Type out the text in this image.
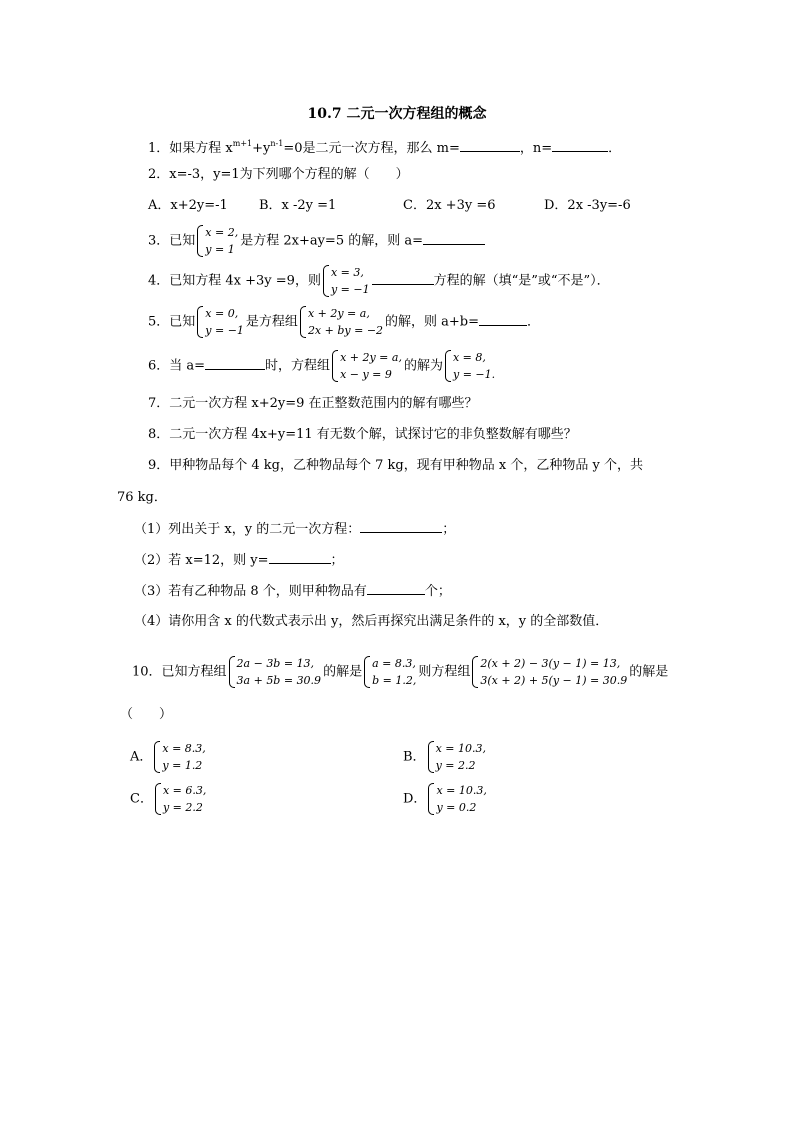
10.7 二元一次方程组的概念
1．如果方程 $x^{m+1}+y^{n-1}=0$是二元一次方程，那么 m=	，n=	．
2．x=-3，y=1为下列哪个方程的解（　　）
A．x+2y=-1 B．x -2y =1	C．2x +3y =6	D．2x -3y=-6
3．已知
x = 2,
y = 1
是方程 2x+ay=5 的解，则 a=
4．已知方程 4x +3y =9，则
x = 3,
y = −1
方程的解（填“是”或“不是”）．
5．已知
x = 0,
y = −1
是方程组
x + 2y = a,
2x + by = −2
的解，则 a+b=	．
6．当 a=	时，方程组
x + 2y = a,
x − y = 9
的解为
x = 8,
y = −1.
7．二元一次方程 x+2y=9 在正整数范围内的解有哪些？
8．二元一次方程 4x+y=11 有无数个解，试探讨它的非负整数解有哪些？
9．甲种物品每个 4 kg，乙种物品每个 7 kg，现有甲种物品 x 个，乙种物品 y 个，共
76 kg．
（1）列出关于 x，y 的二元一次方程：	；
（2）若 x=12，则 y=	；
（3）若有乙种物品 8 个，则甲种物品有	个；
（4）请你用含 x 的代数式表示出 y，然后再探究出满足条件的 x，y 的全部数值．
10．已知方程组
2a − 3b = 13,
3a + 5b = 30.9
的解是
a = 8.3,
b = 1.2,
则方程组
2(x + 2) − 3(y − 1) = 13,
3(x + 2) + 5(y − 1) = 30.9
的解是
（　　）
A．
x = 8.3,
y = 1.2
B．
x = 10.3,
y = 2.2
C．
x = 6.3,
y = 2.2
D．
x = 10.3,
y = 0.2
